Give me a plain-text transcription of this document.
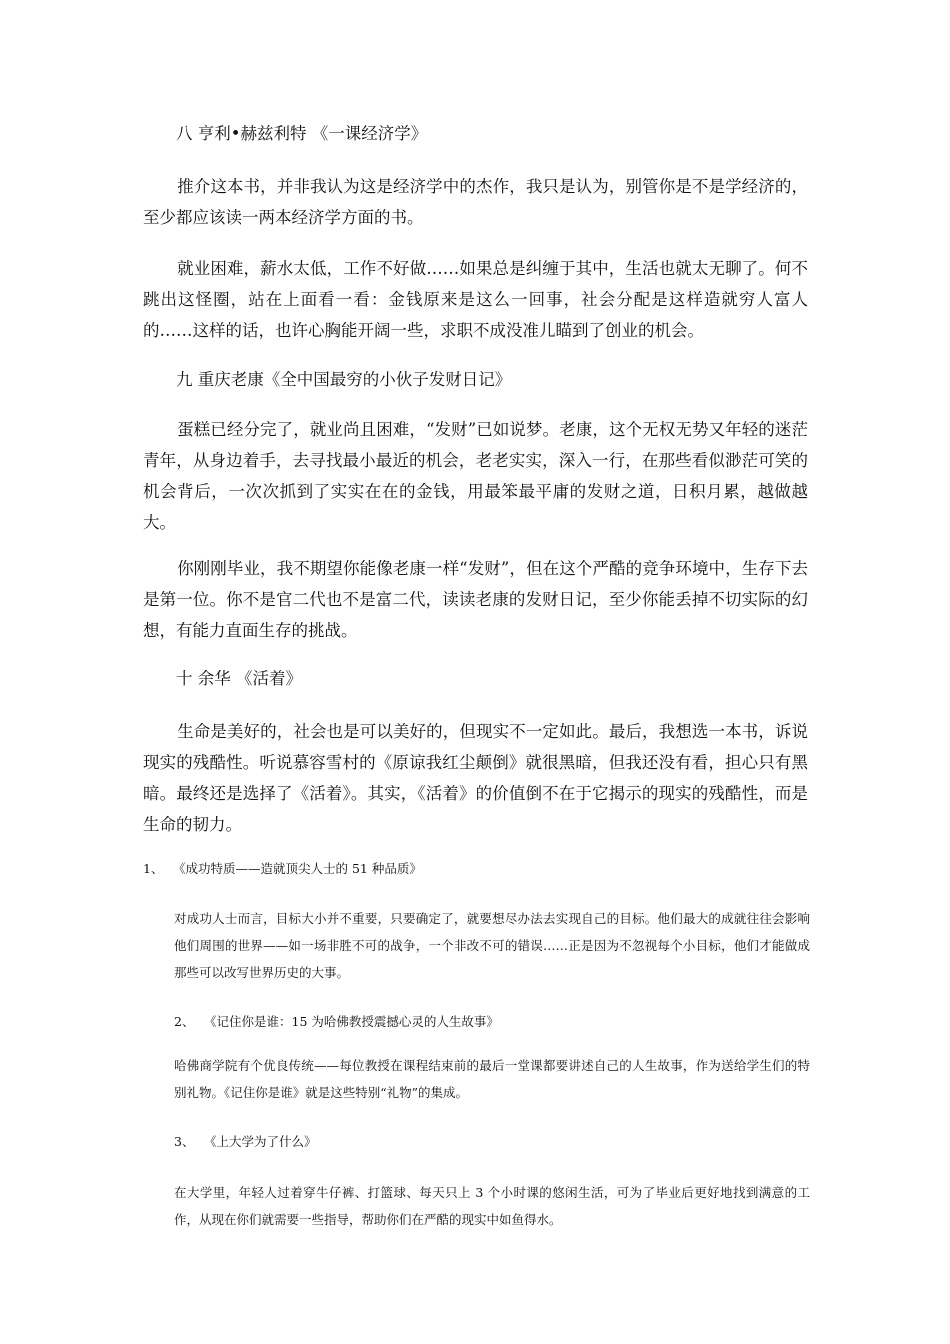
八 亨利•赫兹利特 《一课经济学》

推介这本书，并非我认为这是经济学中的杰作，我只是认为，别管你是不是学经济的，至少都应该读一两本经济学方面的书。

就业困难，薪水太低，工作不好做……如果总是纠缠于其中，生活也就太无聊了。何不跳出这怪圈，站在上面看一看：金钱原来是这么一回事，社会分配是这样造就穷人富人的……这样的话，也许心胸能开阔一些，求职不成没准儿瞄到了创业的机会。

九 重庆老康《全中国最穷的小伙子发财日记》

蛋糕已经分完了，就业尚且困难，“发财”已如说梦。老康，这个无权无势又年轻的迷茫青年，从身边着手，去寻找最小最近的机会，老老实实，深入一行，在那些看似渺茫可笑的机会背后，一次次抓到了实实在在的金钱，用最笨最平庸的发财之道，日积月累，越做越大。

你刚刚毕业，我不期望你能像老康一样“发财”，但在这个严酷的竞争环境中，生存下去是第一位。你不是官二代也不是富二代，读读老康的发财日记，至少你能丢掉不切实际的幻想，有能力直面生存的挑战。

十 余华 《活着》

生命是美好的，社会也是可以美好的，但现实不一定如此。最后，我想选一本书，诉说现实的残酷性。听说慕容雪村的《原谅我红尘颠倒》就很黑暗，但我还没有看，担心只有黑暗。最终还是选择了《活着》。其实，《活着》的价值倒不在于它揭示的现实的残酷性，而是生命的韧力。

1、 《成功特质——造就顶尖人士的 51 种品质》

对成功人士而言，目标大小并不重要，只要确定了，就要想尽办法去实现自己的目标。他们最大的成就往往会影响他们周围的世界——如一场非胜不可的战争，一个非改不可的错误……正是因为不忽视每个小目标，他们才能做成那些可以改写世界历史的大事。

2、 《记住你是谁：15 为哈佛教授震撼心灵的人生故事》

哈佛商学院有个优良传统——每位教授在课程结束前的最后一堂课都要讲述自己的人生故事，作为送给学生们的特别礼物。《记住你是谁》就是这些特别“礼物”的集成。

3、 《上大学为了什么》

在大学里，年轻人过着穿牛仔裤、打篮球、每天只上 3 个小时课的悠闲生活，可为了毕业后更好地找到满意的工作，从现在你们就需要一些指导，帮助你们在严酷的现实中如鱼得水。
